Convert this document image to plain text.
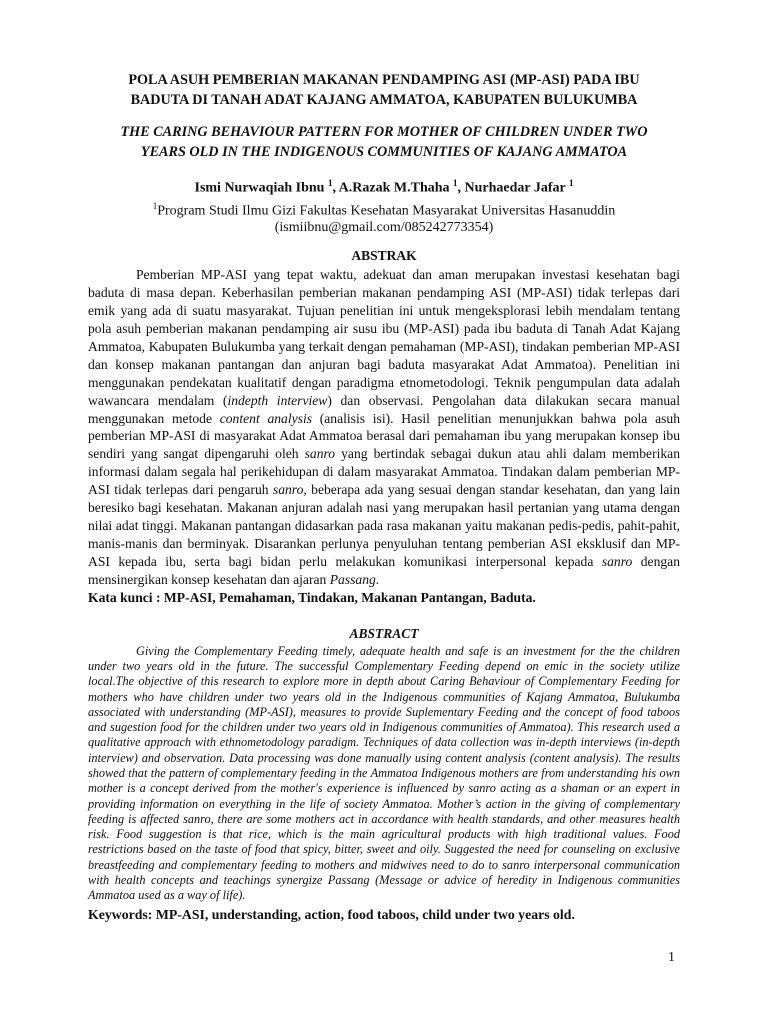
POLA ASUH PEMBERIAN MAKANAN PENDAMPING ASI (MP-ASI) PADA IBU
BADUTA DI TANAH ADAT KAJANG AMMATOA, KABUPATEN BULUKUMBA

THE CARING BEHAVIOUR PATTERN FOR MOTHER OF CHILDREN UNDER TWO
YEARS OLD IN THE INDIGENOUS COMMUNITIES OF KAJANG AMMATOA

Ismi Nurwaqiah Ibnu $^1$, A.Razak M.Thaha $^1$, Nurhaedar Jafar $^1$

$^1$Program Studi Ilmu Gizi Fakultas Kesehatan Masyarakat Universitas Hasanuddin

(ismiibnu@gmail.com/085242773354)

ABSTRAK

Pemberian MP-ASI yang tepat waktu, adekuat dan aman merupakan investasi kesehatan bagi baduta di masa depan. Keberhasilan pemberian makanan pendamping ASI (MP-ASI) tidak terlepas dari emik yang ada di suatu masyarakat. Tujuan penelitian ini untuk mengeksplorasi lebih mendalam tentang pola asuh pemberian makanan pendamping air susu ibu (MP-ASI) pada ibu baduta di Tanah Adat Kajang Ammatoa, Kabupaten Bulukumba yang terkait dengan pemahaman (MP-ASI), tindakan pemberian MP-ASI dan konsep makanan pantangan dan anjuran bagi baduta masyarakat Adat Ammatoa). Penelitian ini menggunakan pendekatan kualitatif dengan paradigma etnometodologi. Teknik pengumpulan data adalah wawancara mendalam (indepth interview) dan observasi. Pengolahan data dilakukan secara manual menggunakan metode content analysis (analisis isi). Hasil penelitian menunjukkan bahwa pola asuh pemberian MP-ASI di masyarakat Adat Ammatoa berasal dari pemahaman ibu yang merupakan konsep ibu sendiri yang sangat dipengaruhi oleh sanro yang bertindak sebagai dukun atau ahli dalam memberikan informasi dalam segala hal perikehidupan di dalam masyarakat Ammatoa. Tindakan dalam pemberian MP-ASI tidak terlepas dari pengaruh sanro, beberapa ada yang sesuai dengan standar kesehatan, dan yang lain beresiko bagi kesehatan. Makanan anjuran adalah nasi yang merupakan hasil pertanian yang utama dengan nilai adat tinggi. Makanan pantangan didasarkan pada rasa makanan yaitu makanan pedis-pedis, pahit-pahit, manis-manis dan berminyak. Disarankan perlunya penyuluhan tentang pemberian ASI eksklusif dan MP-ASI kepada ibu, serta bagi bidan perlu melakukan komunikasi interpersonal kepada sanro dengan mensinergikan konsep kesehatan dan ajaran Passang.

Kata kunci : MP-ASI, Pemahaman, Tindakan, Makanan Pantangan, Baduta.

ABSTRACT

Giving the Complementary Feeding timely, adequate health and safe is an investment for the the children under two years old in the future. The successful Complementary Feeding depend on emic in the society utilize local.The objective of this research to explore more in depth about Caring Behaviour of Complementary Feeding for mothers who have children under two years old in the Indigenous communities of Kajang Ammatoa, Bulukumba associated with understanding (MP-ASI), measures to provide Suplementary Feeding and the concept of food taboos and sugestion food for the children under two years old in Indigenous communities of Ammatoa). This research used a qualitative approach with ethnometodology paradigm. Techniques of data collection was in-depth interviews (in-depth interview) and observation. Data processing was done manually using content analysis (content analysis). The results showed that the pattern of complementary feeding in the Ammatoa Indigenous mothers are from understanding his own mother is a concept derived from the mother's experience is influenced by sanro acting as a shaman or an expert in providing information on everything in the life of society Ammatoa. Mother’s action in the giving of complementary feeding is affected sanro, there are some mothers act in accordance with health standards, and other measures health risk. Food suggestion is that rice, which is the main agricultural products with high traditional values. Food restrictions based on the taste of food that spicy, bitter, sweet and oily. Suggested the need for counseling on exclusive breastfeeding and complementary feeding to mothers and midwives need to do to sanro interpersonal communication with health concepts and teachings synergize Passang (Message or advice of heredity in Indigenous communities Ammatoa used as a way of life).

Keywords: MP-ASI, understanding, action, food taboos, child under two years old.

1
